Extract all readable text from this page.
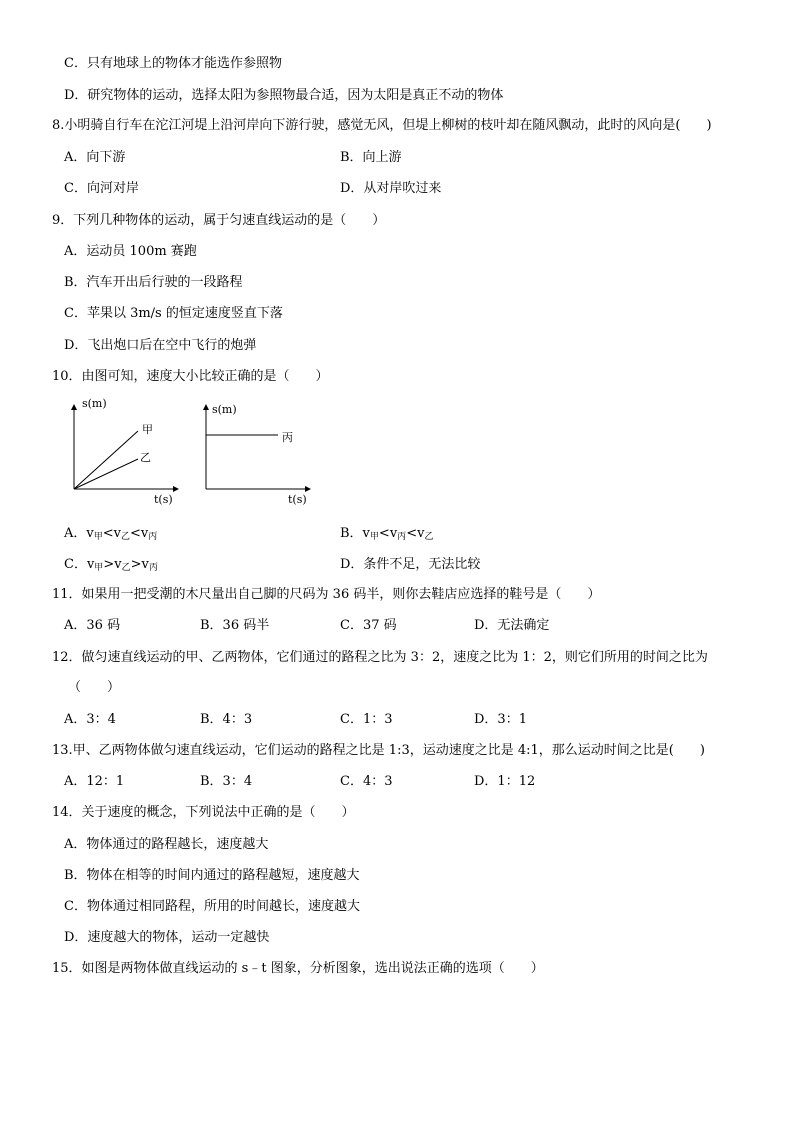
C．只有地球上的物体才能选作参照物
D．研究物体的运动，选择太阳为参照物最合适，因为太阳是真正不动的物体
8.小明骑自行车在沱江河堤上沿河岸向下游行驶，感觉无风，但堤上柳树的枝叶却在随风飘动，此时的风向是(　　)
A．向下游	B．向上游
C．向河对岸	D．从对岸吹过来
9．下列几种物体的运动，属于匀速直线运动的是（　　）
A．运动员 100m 赛跑
B．汽车开出后行驶的一段路程
C．苹果以 3m/s 的恒定速度竖直下落
D．飞出炮口后在空中飞行的炮弹
10．由图可知，速度大小比较正确的是（　　）
s(m)
t(s)
甲
乙
s(m)
t(s)
丙
A．$v_甲<v_乙<v_丙$	B．$v_甲<v_丙<v_乙$
C．$v_甲>v_乙>v_丙$	D．条件不足，无法比较
11．如果用一把受潮的木尺量出自己脚的尺码为 36 码半，则你去鞋店应选择的鞋号是（　　）
A．36 码	B．36 码半	C．37 码	D．无法确定
12．做匀速直线运动的甲、乙两物体，它们通过的路程之比为 3：2，速度之比为 1：2，则它们所用的时间之比为
（　　）
A．3：4	B．4：3	C．1：3	D．3：1
13.甲、乙两物体做匀速直线运动，它们运动的路程之比是 1:3，运动速度之比是 4:1，那么运动时间之比是(　　)
A．12：1	B．3：4	C．4：3	D．1：12
14．关于速度的概念，下列说法中正确的是（　　）
A．物体通过的路程越长，速度越大
B．物体在相等的时间内通过的路程越短，速度越大
C．物体通过相同路程，所用的时间越长，速度越大
D．速度越大的物体，运动一定越快
15．如图是两物体做直线运动的 s﹣t 图象，分析图象，选出说法正确的选项（　　）
